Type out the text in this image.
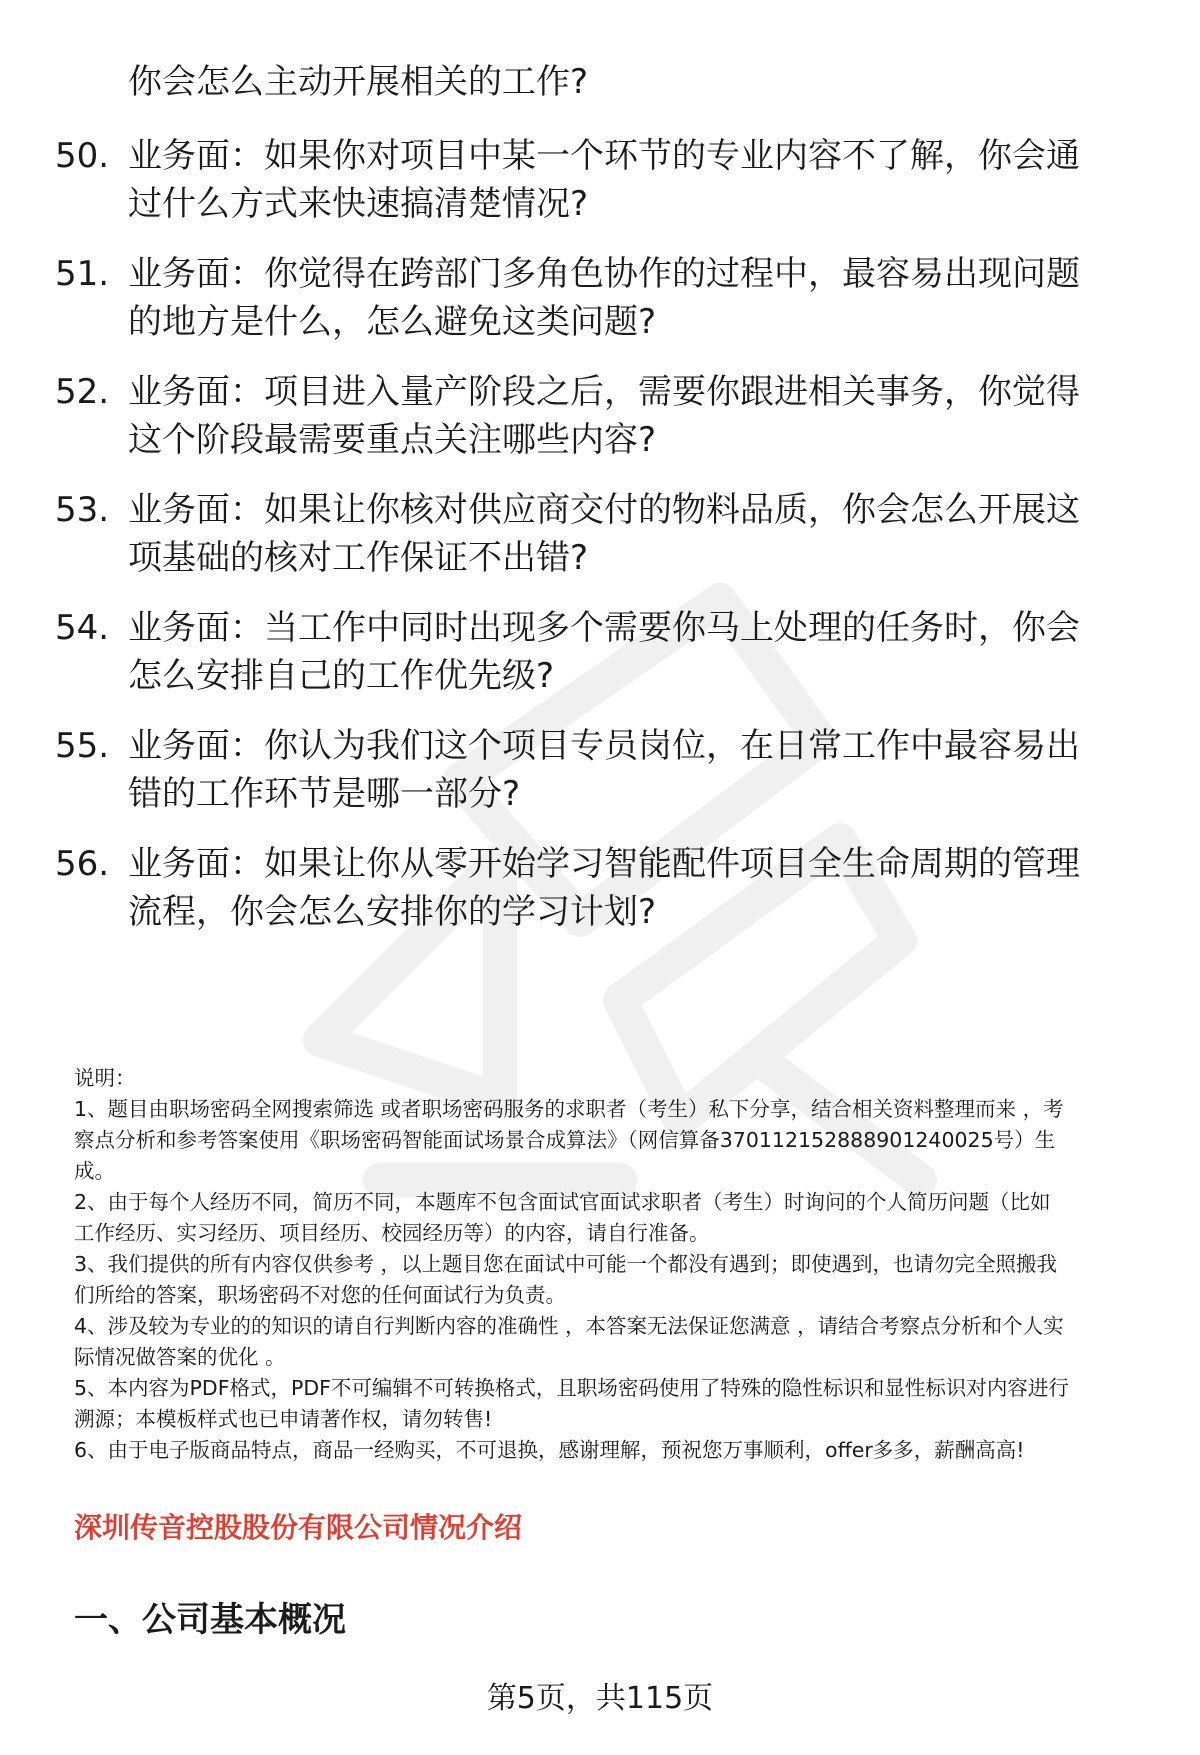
你会怎么主动开展相关的工作?
50. 业务面：如果你对项目中某一个环节的专业内容不了解，你会通
过什么方式来快速搞清楚情况?
51. 业务面：你觉得在跨部门多角色协作的过程中，最容易出现问题
的地方是什么，怎么避免这类问题?
52. 业务面：项目进入量产阶段之后，需要你跟进相关事务，你觉得
这个阶段最需要重点关注哪些内容?
53. 业务面：如果让你核对供应商交付的物料品质，你会怎么开展这
项基础的核对工作保证不出错?
54. 业务面：当工作中同时出现多个需要你马上处理的任务时，你会
怎么安排自己的工作优先级?
55. 业务面：你认为我们这个项目专员岗位，在日常工作中最容易出
错的工作环节是哪一部分?
56. 业务面：如果让你从零开始学习智能配件项目全生命周期的管理
流程，你会怎么安排你的学习计划?
说明：
1、题目由职场密码全网搜索筛选 或者职场密码服务的求职者（考生）私下分享，结合相关资料整理而来 ，考
察点分析和参考答案使用《职场密码智能面试场景合成算法》（网信算备370112152888901240025号）生
成。
2、由于每个人经历不同，简历不同，本题库不包含面试官面试求职者（考生）时询问的个人简历问题（比如
工作经历、实习经历、项目经历、校园经历等）的内容，请自行准备。
3、我们提供的所有内容仅供参考 ，以上题目您在面试中可能一个都没有遇到；即使遇到，也请勿完全照搬我
们所给的答案，职场密码不对您的任何面试行为负责。
4、涉及较为专业的的知识的请自行判断内容的准确性 ，本答案无法保证您满意 ，请结合考察点分析和个人实
际情况做答案的优化 。
5、本内容为PDF格式，PDF不可编辑不可转换格式，且职场密码使用了特殊的隐性标识和显性标识对内容进行
溯源；本模板样式也已申请著作权，请勿转售!
6、由于电子版商品特点，商品一经购买，不可退换，感谢理解，预祝您万事顺利，offer多多，薪酬高高!
深圳传音控股股份有限公司情况介绍
一、公司基本概况
第5页，共115页
